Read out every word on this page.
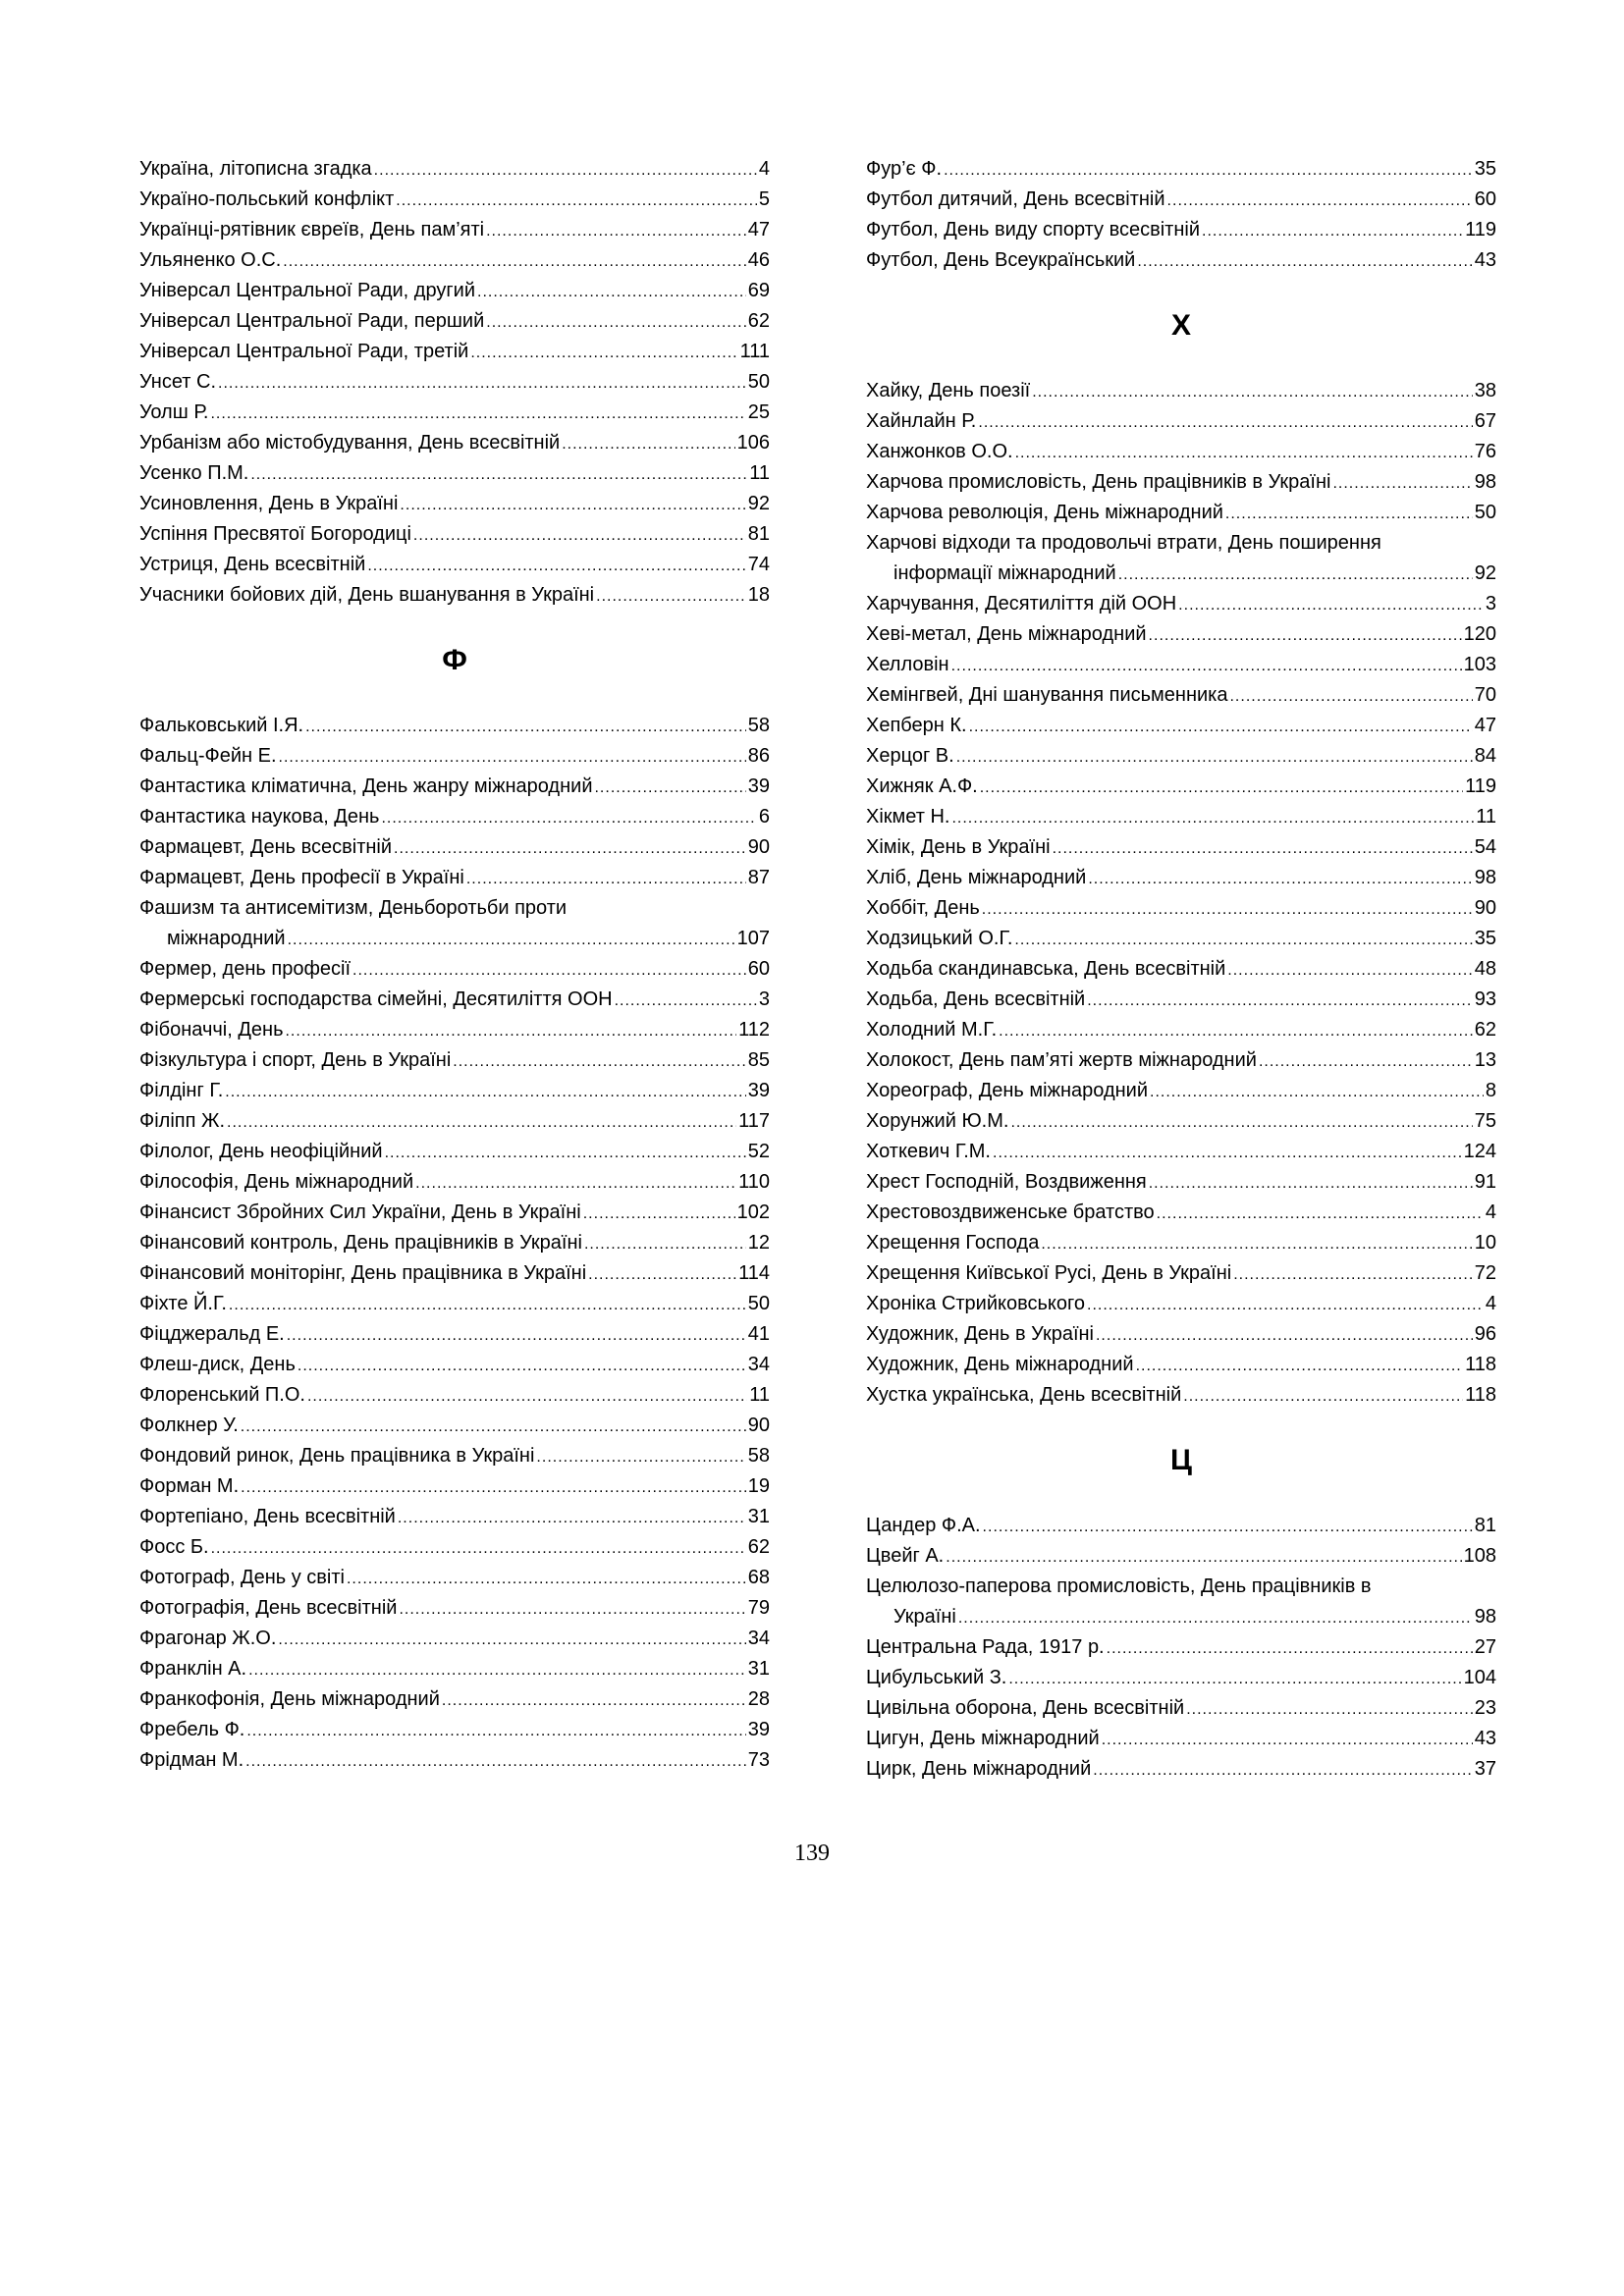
Україна, літописна згадка .....	4
Україно-польський конфлікт .....	5
Українці-рятівник євреїв, День пам’яті .....	47
Ульяненко О.С. .....	46
Універсал Центральної Ради, другий .....	69
Універсал Центральної Ради, перший .....	62
Універсал Центральної Ради, третій .....	111
Унсет С. .....	50
Уолш Р. .....	25
Урбанізм або містобудування, День всесвітній .....	106
Усенко П.М. .....	11
Усиновлення, День в Україні .....	92
Успіння Пресвятої Богородиці .....	81
Устриця, День всесвітній .....	74
Учасники бойових дій, День вшанування в Україні .....	18
Ф
Фальковський І.Я. .....	58
Фальц-Фейн Е. .....	86
Фантастика кліматична, День жанру міжнародний .....	39
Фантастика наукова, День .....	6
Фармацевт, День всесвітній .....	90
Фармацевт, День професії в Україні .....	87
Фашизм та антисемітизм, Деньборотьби проти
міжнародний .....	107
Фермер, день професії .....	60
Фермерські господарства сімейні, Десятиліття ООН .....	3
Фібоначчі, День .....	112
Фізкультура і спорт, День в Україні .....	85
Філдінг Г. .....	39
Філіпп Ж. .....	117
Філолог, День неофіційний .....	52
Філософія, День міжнародний .....	110
Фінансист Збройних Сил України, День в Україні .....	102
Фінансовий контроль, День працівників в Україні .....	12
Фінансовий моніторінг, День працівника в Україні .....	114
Фіхте Й.Г. .....	50
Фіцджеральд Е. .....	41
Флеш-диск, День .....	34
Флоренський П.О. .....	11
Фолкнер У. .....	90
Фондовий ринок, День працівника в Україні .....	58
Форман М. .....	19
Фортепіано, День всесвітній .....	31
Фосс Б. .....	62
Фотограф, День у світі .....	68
Фотографія, День всесвітній .....	79
Фрагонар Ж.О. .....	34
Франклін А. .....	31
Франкофонія, День міжнародний .....	28
Фребель Ф. .....	39
Фрідман М. .....	73
Фур’є Ф. .....	35
Футбол дитячий, День всесвітній .....	60
Футбол, День виду спорту всесвітній .....	119
Футбол, День Всеукраїнський .....	43
Х
Хайку, День поезії .....	38
Хайнлайн Р. .....	67
Ханжонков О.О. .....	76
Харчова промисловість, День працівників в Україні .....	98
Харчова революція, День міжнародний .....	50
Харчові відходи та продовольчі втрати, День поширення
інформації міжнародний .....	92
Харчування, Десятиліття дій ООН .....	3
Хеві-метал, День міжнародний .....	120
Хелловін .....	103
Хемінгвей, Дні шанування письменника .....	70
Хепберн К. .....	47
Херцог В. .....	84
Хижняк А.Ф. .....	119
Хікмет Н. .....	11
Хімік, День в Україні .....	54
Хліб, День міжнародний .....	98
Хоббіт, День .....	90
Ходзицький О.Г. .....	35
Ходьба скандинавська, День всесвітній .....	48
Ходьба, День всесвітній .....	93
Холодний М.Г. .....	62
Холокост, День пам’яті жертв міжнародний .....	13
Хореограф, День міжнародний .....	8
Хорунжий Ю.М. .....	75
Хоткевич Г.М. .....	124
Хрест Господній, Воздвиження .....	91
Хрестовоздвиженське братство .....	4
Хрещення Господа .....	10
Хрещення Київської Русі, День в Україні .....	72
Хроніка Стрийковського .....	4
Художник, День в Україні .....	96
Художник, День міжнародний .....	118
Хустка українська, День всесвітній .....	118
Ц
Цандер Ф.А. .....	81
Цвейг А. .....	108
Целюлозо-паперова промисловість, День працівників в
Україні .....	98
Центральна Рада, 1917 р. .....	27
Цибульський З. .....	104
Цивільна оборона, День всесвітній .....	23
Цигун, День міжнародний .....	43
Цирк, День міжнародний .....	37
139
